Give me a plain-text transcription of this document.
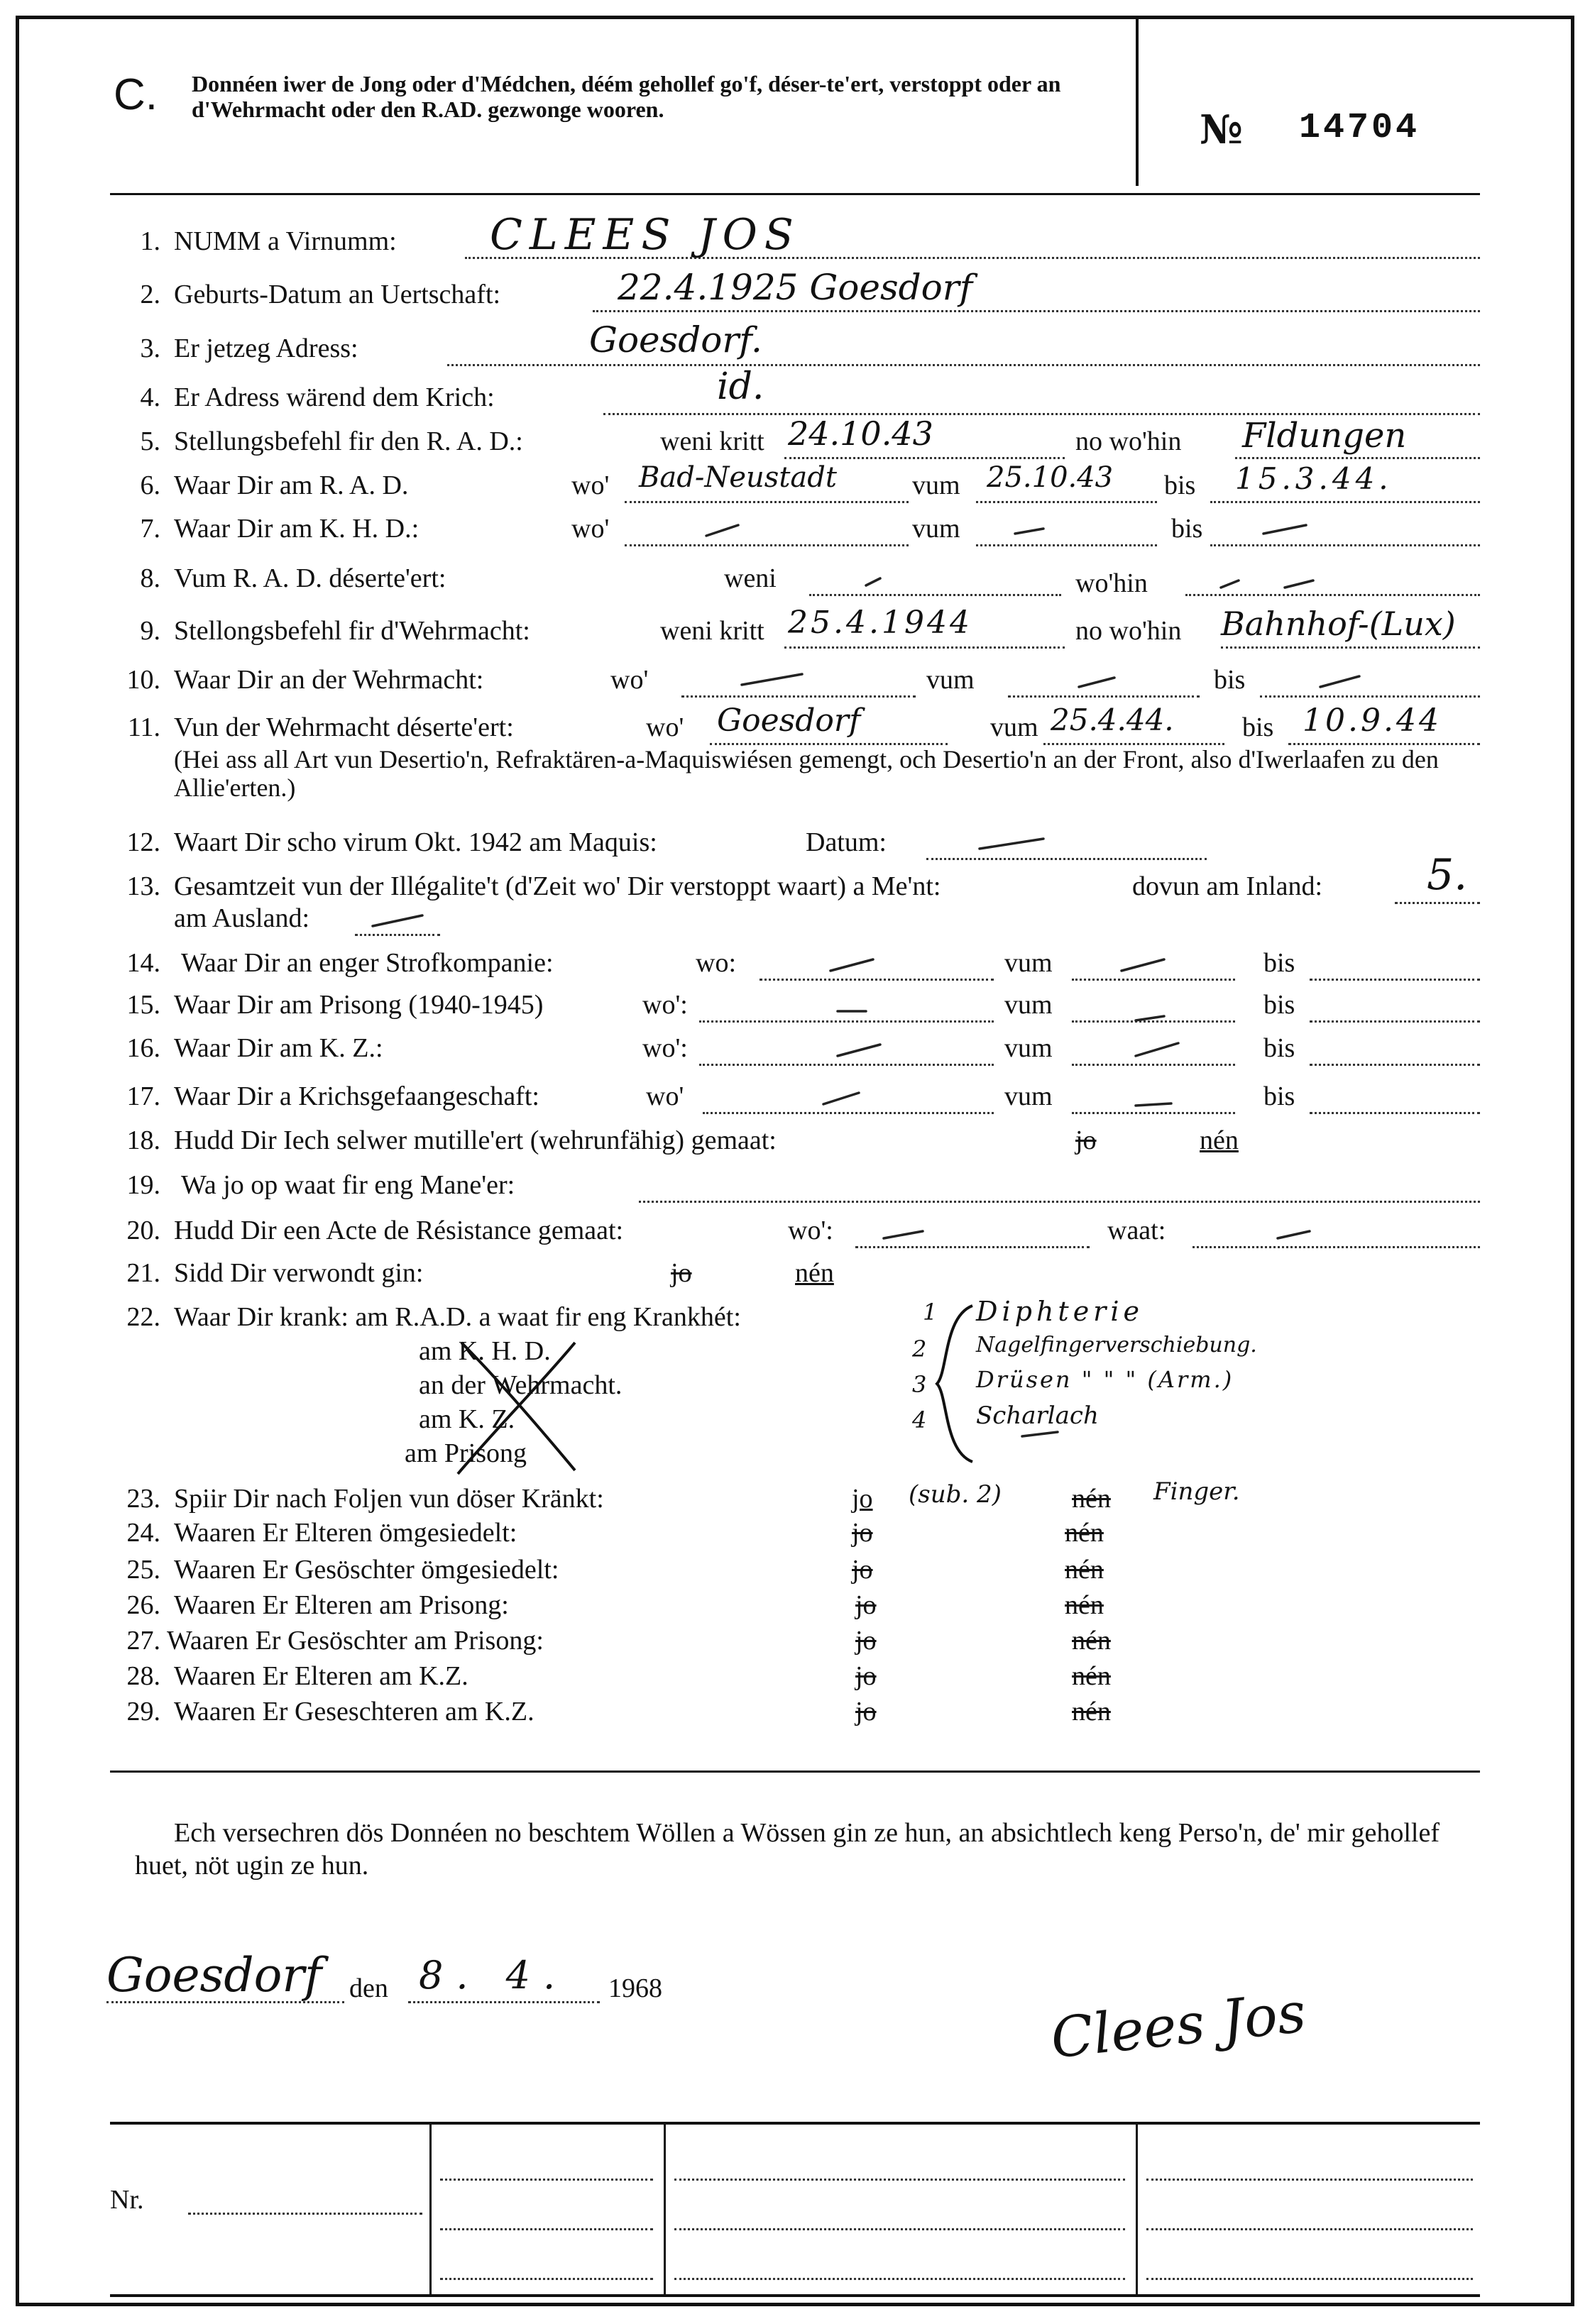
C. Donnéen iwer de Jong oder d'Médchen, déém gehollef go'f, déser-te'ert, verstoppt oder an d'Wehrmacht oder den R.AD. gezwonge wooren.	№ 14704
1. NUMM a Virnumm: CLEES JOS
2. Geburts-Datum an Uertschaft:	22.4.1925 Goesdorf
3. Er jetzeg Adress:	Goesdorf.
4. Er Adress wärend dem Krich:	id.
5. Stellungsbefehl fir den R. A. D.:	weni kritt 24.10.43	no wo'hin Fldungen
6. Waar Dir am R. A. D.	wo' Bad-Neustadt	vum 25.10.43 bis 15.3.44.
7. Waar Dir am K. H. D.:	wo'	vum	bis
8. Vum R. A. D. déserte'ert:	weni	wo'hin
9. Stellongsbefehl fir d'Wehrmacht:	weni kritt 25.4.1944	no wo'hin Bahnhof-(Lux)
10. Waar Dir an der Wehrmacht:	wo'	vum	bis
11. Vun der Wehrmacht déserte'ert:	wo' Goesdorf	vum 25.4.44.	bis 10.9.44
(Hei ass all Art vun Desertio'n, Refraktären-a-Maquiswiésen gemengt, och Desertio'n an der Front, also d'Iwerlaafen zu den Allie'erten.)
12. Waart Dir scho virum Okt. 1942 am Maquis:	Datum:
13. Gesamtzeit vun der Illégalite't (d'Zeit wo' Dir verstoppt waart) a Me'nt:	dovun am Inland: 5.
am Ausland:
14. Waar Dir an enger Strofkompanie:	wo:	vum	bis
15. Waar Dir am Prisong (1940-1945)	wo':	vum	bis
16. Waar Dir am K. Z.:	wo':	vum	bis
17. Waar Dir a Krichsgefaangeschaft:	wo'	vum	bis
18. Hudd Dir Iech selwer mutille'ert (wehrunfähig) gemaat:	jo	nén
19. Wa jo op waat fir eng Mane'er:
20. Hudd Dir een Acte de Résistance gemaat:	wo':	waat:
21. Sidd Dir verwondt gin:	jo	nén
22. Waar Dir krank: am R.A.D. a waat fir eng Krankhét:
am K. H. D.
an der Wehrmacht.
am K. Z.
am Prisong
1 Diphterie
2 Nagelfingerverschiebung.
3 Drüsen " " " (Arm.)
4 Scharlach
23. Spiir Dir nach Foljen vun döser Kränkt:	jo (sub. 2)	nén Finger.
24. Waaren Er Elteren ömgesiedelt:	jo	nén
25. Waaren Er Gesöschter ömgesiedelt:	jo	nén
26. Waaren Er Elteren am Prisong:	jo	nén
27. Waaren Er Gesöschter am Prisong:	jo	nén
28. Waaren Er Elteren am K.Z.	jo	nén
29. Waaren Er Geseschteren am K.Z.	jo	nén
Ech versechren dös Donnéen no beschtem Wöllen a Wössen gin ze hun, an absichtlech keng Perso'n, de' mir gehollef huet, nöt ugin ze hun.
Goesdorf den 8. 4. 1968	Clees Jos
Nr.
